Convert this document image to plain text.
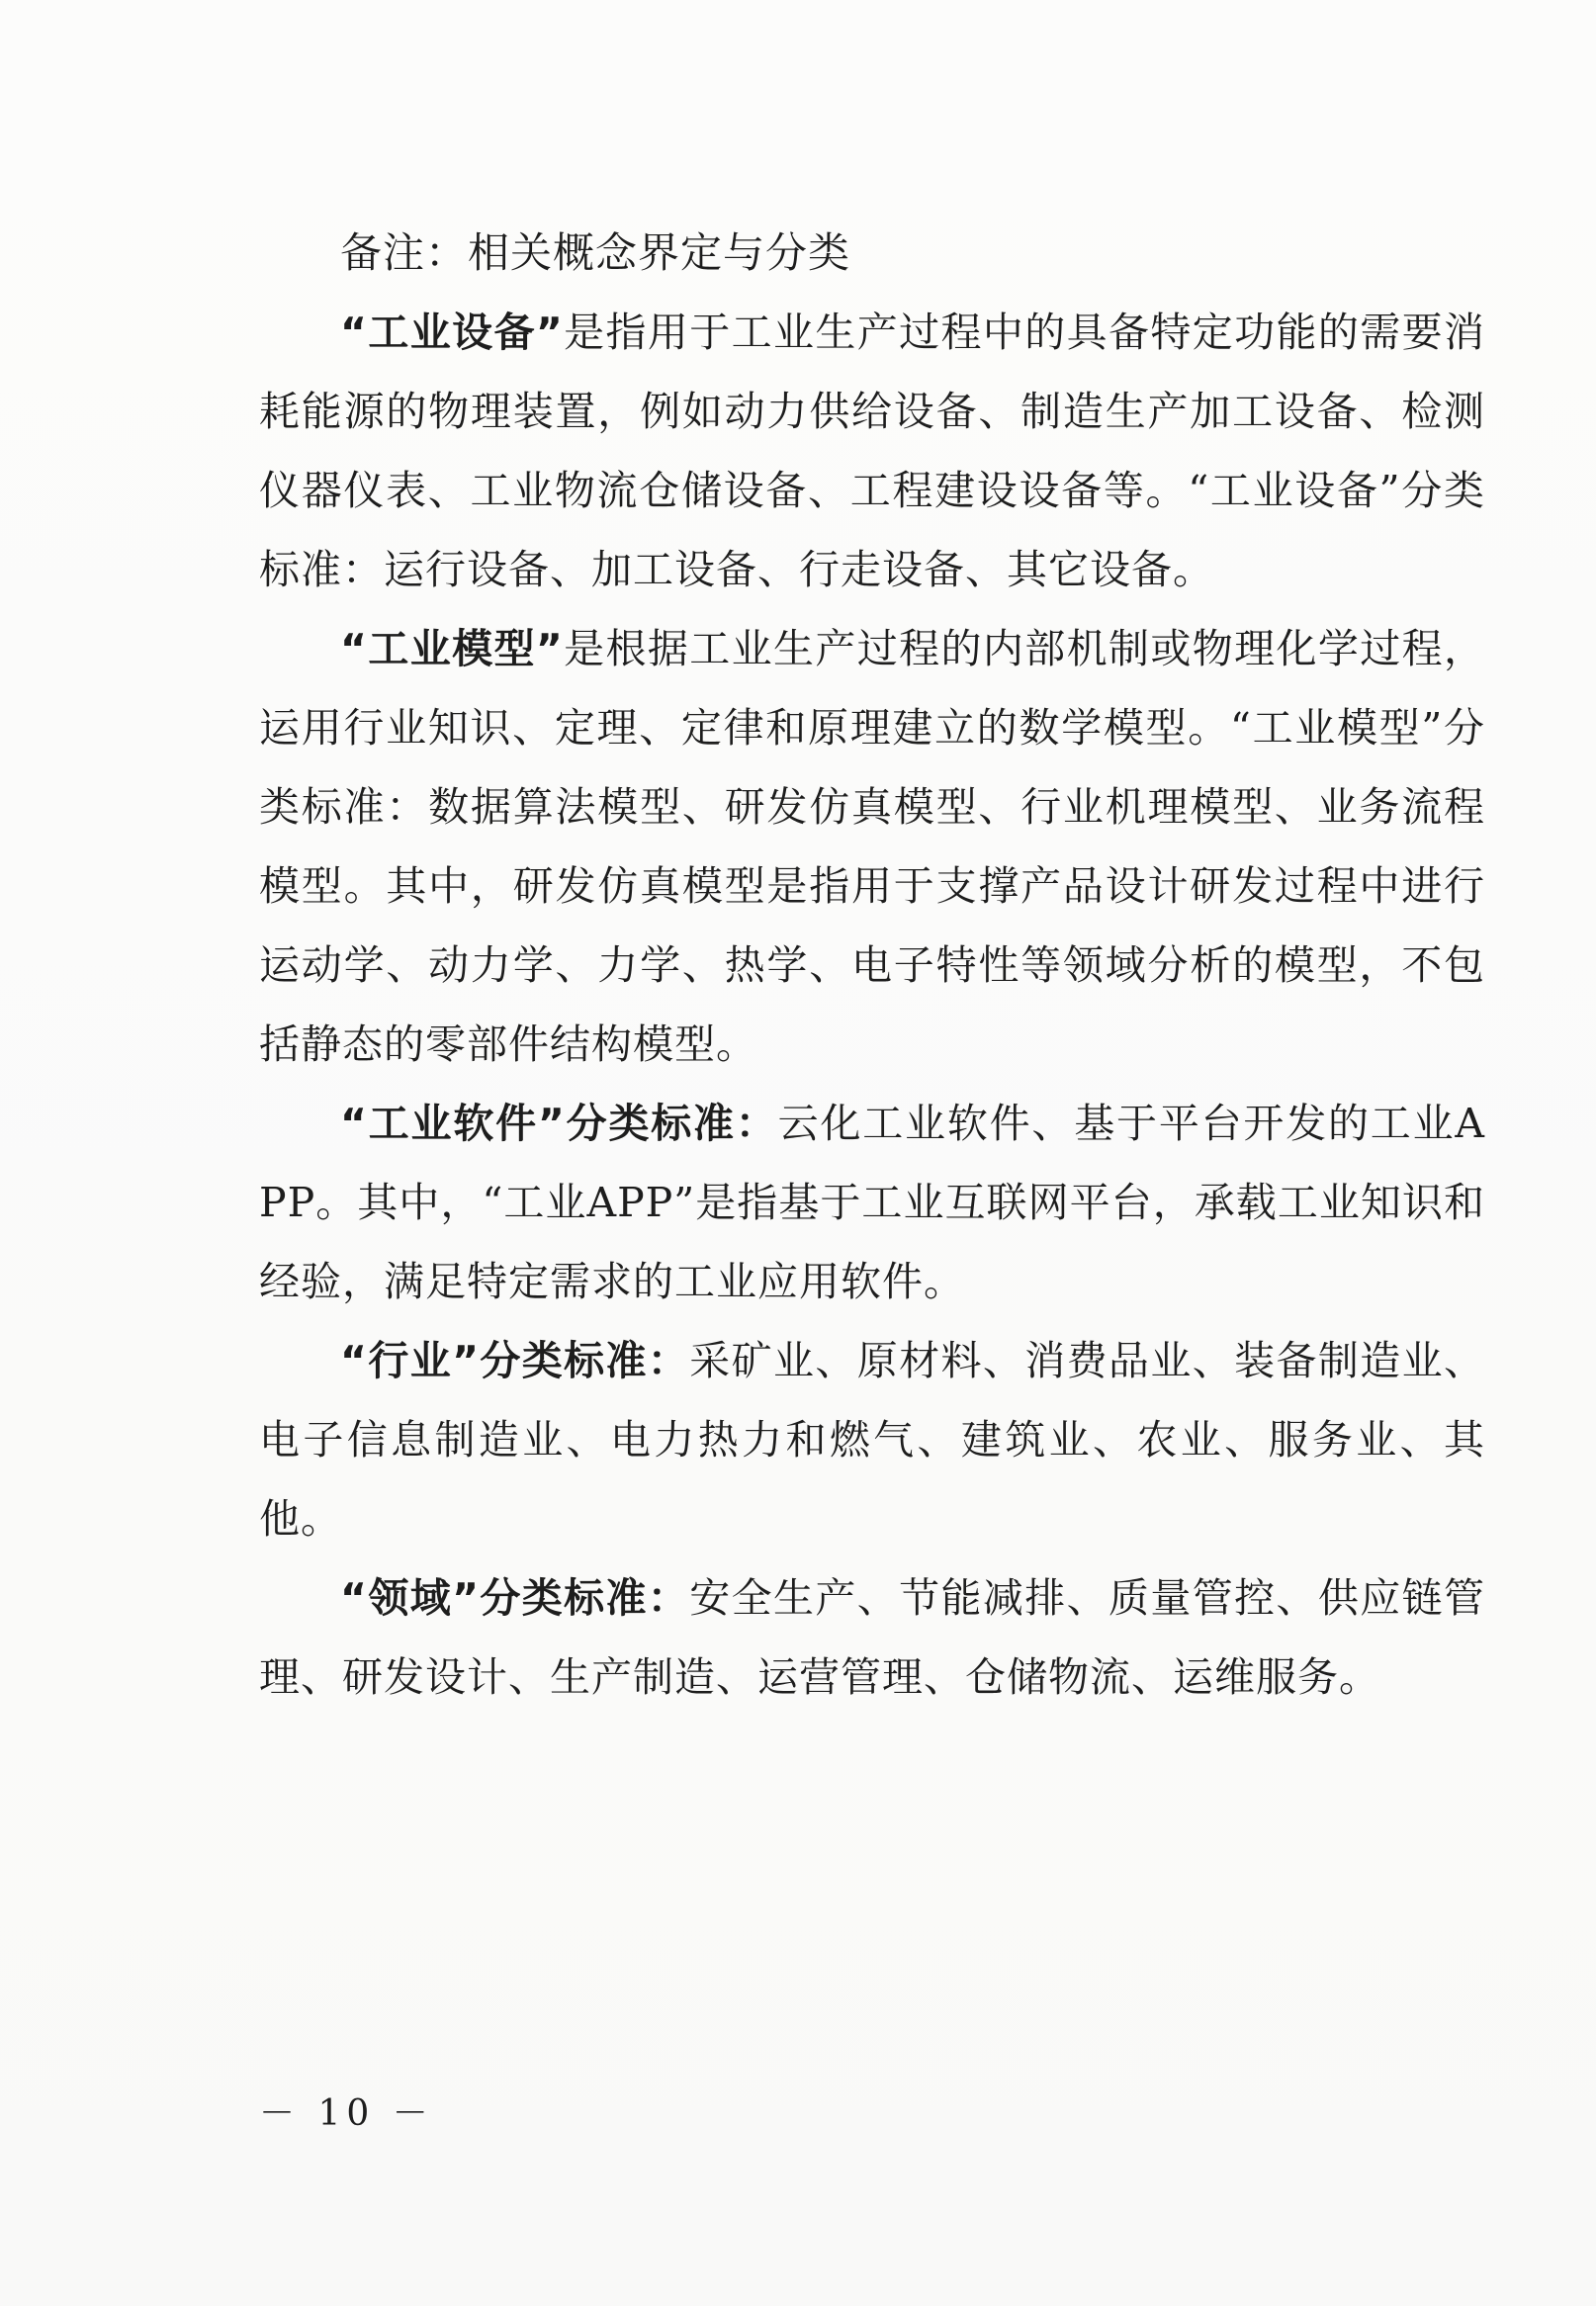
备注：相关概念界定与分类

“工业设备”是指用于工业生产过程中的具备特定功能的需要消耗能源的物理装置，例如动力供给设备、制造生产加工设备、检测仪器仪表、工业物流仓储设备、工程建设设备等。“工业设备”分类标准：运行设备、加工设备、行走设备、其它设备。

“工业模型”是根据工业生产过程的内部机制或物理化学过程，运用行业知识、定理、定律和原理建立的数学模型。“工业模型”分类标准：数据算法模型、研发仿真模型、行业机理模型、业务流程模型。其中，研发仿真模型是指用于支撑产品设计研发过程中进行运动学、动力学、力学、热学、电子特性等领域分析的模型，不包括静态的零部件结构模型。

“工业软件”分类标准：云化工业软件、基于平台开发的工业APP。其中，“工业APP”是指基于工业互联网平台，承载工业知识和经验，满足特定需求的工业应用软件。

“行业”分类标准：采矿业、原材料、消费品业、装备制造业、电子信息制造业、电力热力和燃气、建筑业、农业、服务业、其他。

“领域”分类标准：安全生产、节能减排、质量管控、供应链管理、研发设计、生产制造、运营管理、仓储物流、运维服务。

－ 10 －
